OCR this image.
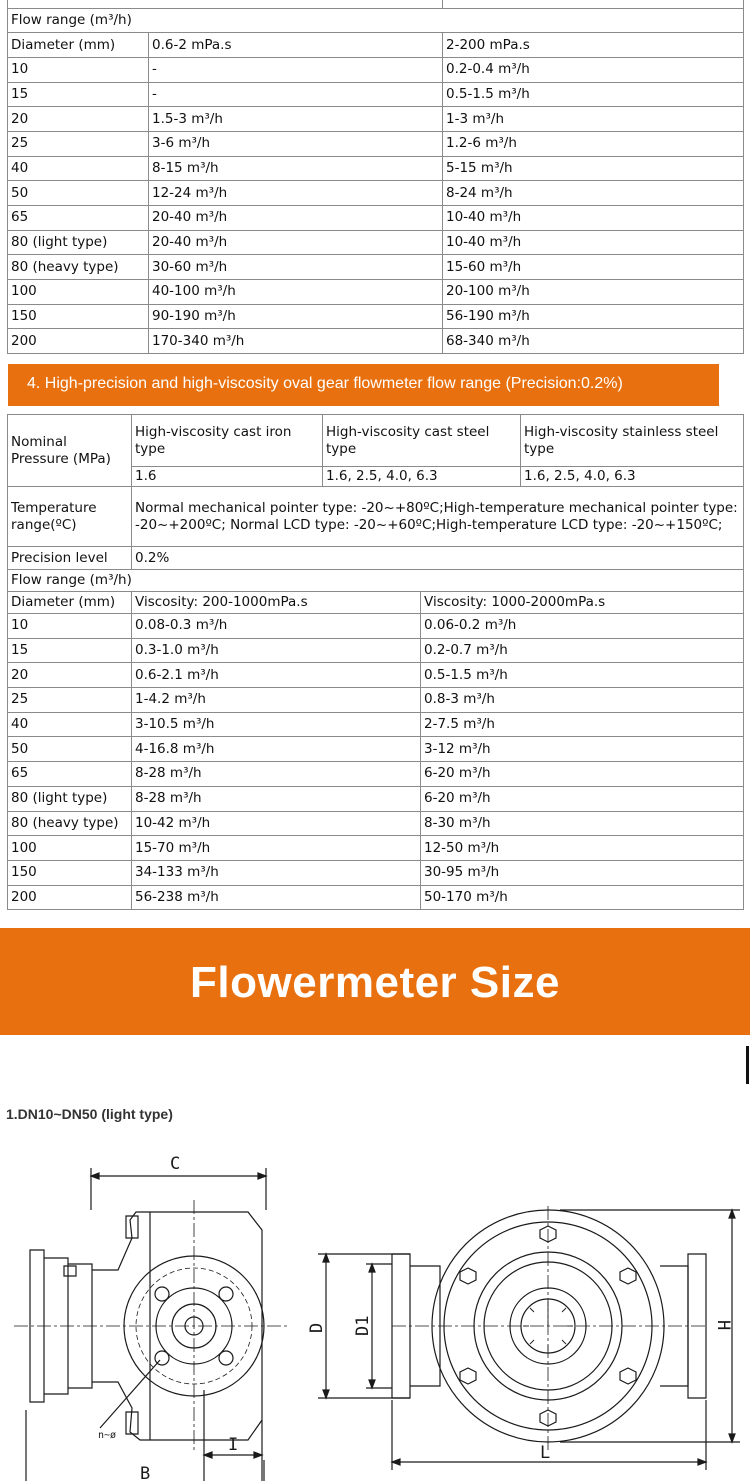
Flow range (m³/h)		
Diameter (mm)	0.6-2 mPa.s	2-200 mPa.s
10	-	0.2-0.4 m³/h
15	-	0.5-1.5 m³/h
20	1.5-3 m³/h	1-3 m³/h
25	3-6 m³/h	1.2-6 m³/h
40	8-15 m³/h	5-15 m³/h
50	12-24 m³/h	8-24 m³/h
65	20-40 m³/h	10-40 m³/h
80 (light type)	20-40 m³/h	10-40 m³/h
80 (heavy type)	30-60 m³/h	15-60 m³/h
100	40-100 m³/h	20-100 m³/h
150	90-190 m³/h	56-190 m³/h
200	170-340 m³/h	68-340 m³/h
4. High-precision and high-viscosity oval gear flowmeter flow range (Precision:0.2%)
Nominal Pressure (MPa)	High-viscosity cast iron type	High-viscosity cast steel type		High-viscosity stainless steel type
	1.6	1.6, 2.5, 4.0, 6.3		1.6, 2.5, 4.0, 6.3
Temperature range(ºC)	Normal mechanical pointer type: -20~+80ºC;High-temperature mechanical pointer type: -20~+200ºC; Normal LCD type: -20~+60ºC;High-temperature LCD type: -20~+150ºC;			
Precision level	0.2%			
Flow range (m³/h)				
Diameter (mm)	Viscosity: 200-1000mPa.s		Viscosity: 1000-2000mPa.s	
10	0.08-0.3 m³/h		0.06-0.2 m³/h	
15	0.3-1.0 m³/h		0.2-0.7 m³/h	
20	0.6-2.1 m³/h		0.5-1.5 m³/h	
25	1-4.2 m³/h		0.8-3 m³/h	
40	3-10.5 m³/h		2-7.5 m³/h	
50	4-16.8 m³/h		3-12 m³/h	
65	8-28 m³/h		6-20 m³/h	
80 (light type)	8-28 m³/h		6-20 m³/h	
80 (heavy type)	10-42 m³/h		8-30 m³/h	
100	15-70 m³/h		12-50 m³/h	
150	34-133 m³/h		30-95 m³/h	
200	56-238 m³/h		50-170 m³/h	
Flowermeter Size
1.DN10~DN50 (light type)
C
B
I
D D1	H
L
n~ø
